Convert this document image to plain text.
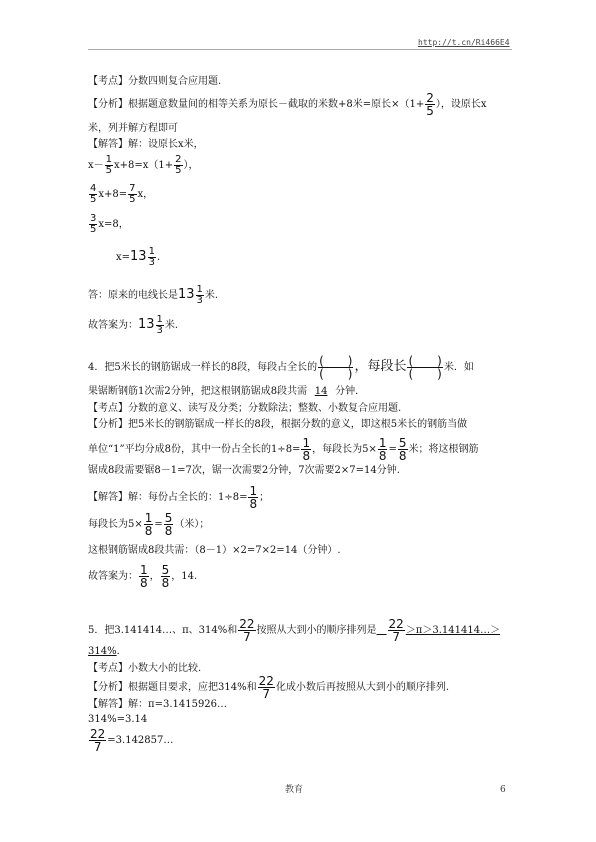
http://t.cn/Ri466E4
【考点】分数四则复合应用题.
【分析】根据题意数量间的相等关系为原长－截取的米数+8米=原长$\times(1+ \frac{2}{5}$ ），设原长x
米，列并解方程即可
【解答】解：设原长x米，
$x- \frac{1}{5} x+8=x(1+ \frac{2}{5}$ ），
$\frac{4}{5} x+8= \frac{7}{5}$ x，
$\frac{3}{5} x=8$，
$x=13 \frac{1}{3}$ .
答：原来的电线长是$13 \frac{1}{3}$ 米.
故答案为：$13 \frac{1}{3}$ 米.
4．把5米长的钢筋锯成一样长的8段，每段占全长的 $\frac{( )}{( )}$ ，每段长 $\frac{( )}{( )}$ 米．如
果锯断钢筋1次需2分钟，把这根钢筋锯成8段共需 14 分钟．
【考点】分数的意义、读写及分类；分数除法；整数、小数复合应用题.
【分析】把5米长的钢筋锯成一样长的8段，根据分数的意义，即这根5米长的钢筋当做
单位“1”平均分成8份，其中一份占全长的$1\div 8= \frac{1}{8}$ ，每段长为$5\times \frac{1}{8} = \frac{5}{8}$ 米；将这根钢筋
锯成8段需要锯8－1=7次，锯一次需要2分钟，7次需要2×7=14分钟.
【解答】解：每份占全长的：$1\div 8= \frac{1}{8}$ ；
每段长为$5\times \frac{1}{8} = \frac{5}{8}$ （米）；
这根钢筋锯成8段共需：（8－1）×2=7×2=14（分钟）.
故答案为： $\frac{1}{8}$ ， $\frac{5}{8}$ ，14.
5．把3.141414…、π、314%和 $\frac{22}{7}$ 按照从大到小的顺序排列是　 $\frac{22}{7}$ ＞π＞3.141414…＞
314%．
【考点】小数大小的比较.
【分析】根据题目要求，应把314%和 $\frac{22}{7}$ 化成小数后再按照从大到小的顺序排列.
【解答】解：π=3.1415926…
314%=3.14
$\frac{22}{7}$ =3.142857…
教育	6
